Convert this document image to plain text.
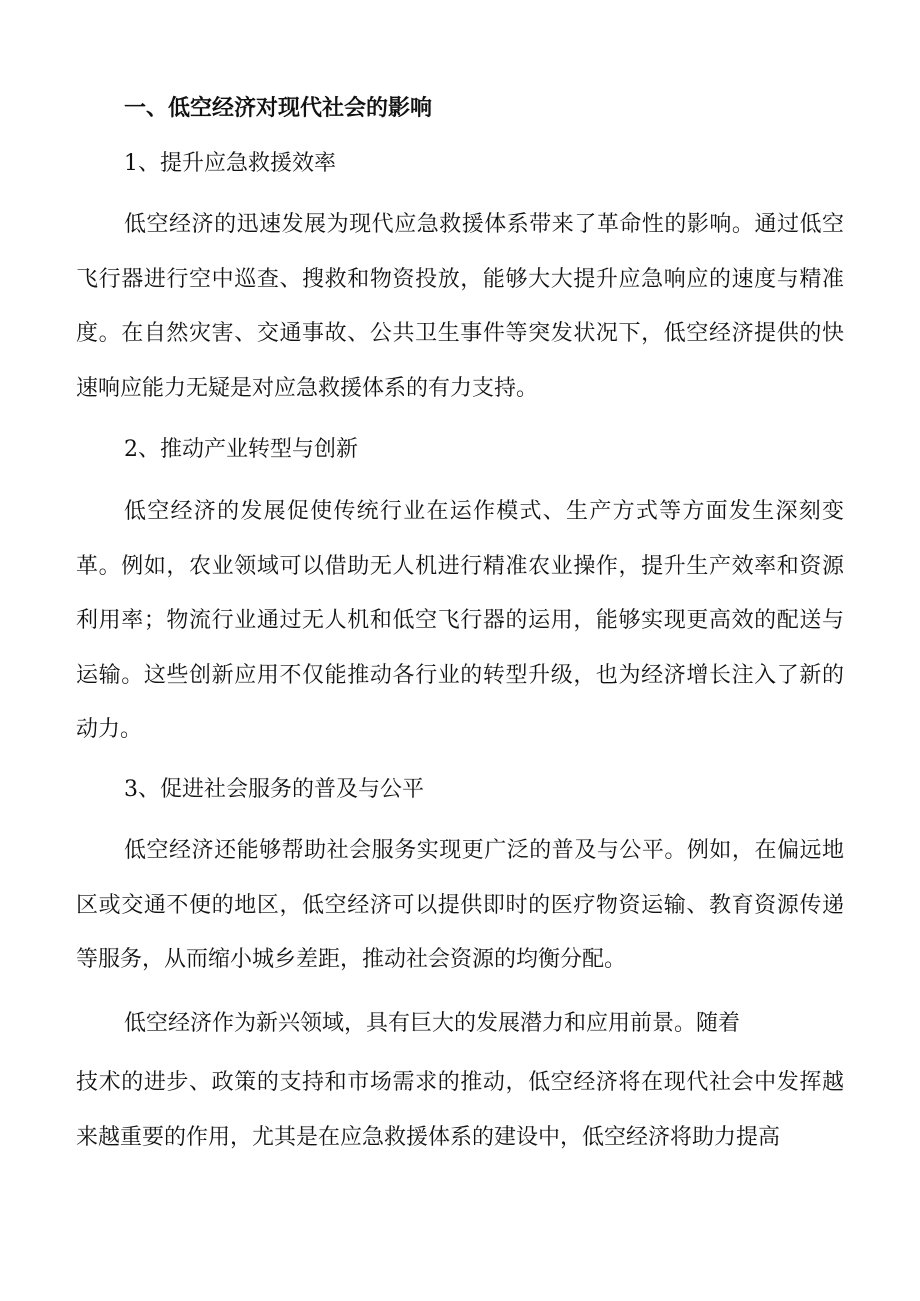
一、低空经济对现代社会的影响

1、提升应急救援效率

低空经济的迅速发展为现代应急救援体系带来了革命性的影响。通过低空飞行器进行空中巡查、搜救和物资投放，能够大大提升应急响应的速度与精准度。在自然灾害、交通事故、公共卫生事件等突发状况下，低空经济提供的快速响应能力无疑是对应急救援体系的有力支持。

2、推动产业转型与创新

低空经济的发展促使传统行业在运作模式、生产方式等方面发生深刻变革。例如，农业领域可以借助无人机进行精准农业操作，提升生产效率和资源利用率；物流行业通过无人机和低空飞行器的运用，能够实现更高效的配送与运输。这些创新应用不仅能推动各行业的转型升级，也为经济增长注入了新的动力。

3、促进社会服务的普及与公平

低空经济还能够帮助社会服务实现更广泛的普及与公平。例如，在偏远地区或交通不便的地区，低空经济可以提供即时的医疗物资运输、教育资源传递等服务，从而缩小城乡差距，推动社会资源的均衡分配。

低空经济作为新兴领域，具有巨大的发展潜力和应用前景。随着

技术的进步、政策的支持和市场需求的推动，低空经济将在现代社会中发挥越来越重要的作用，尤其是在应急救援体系的建设中，低空经济将助力提高
